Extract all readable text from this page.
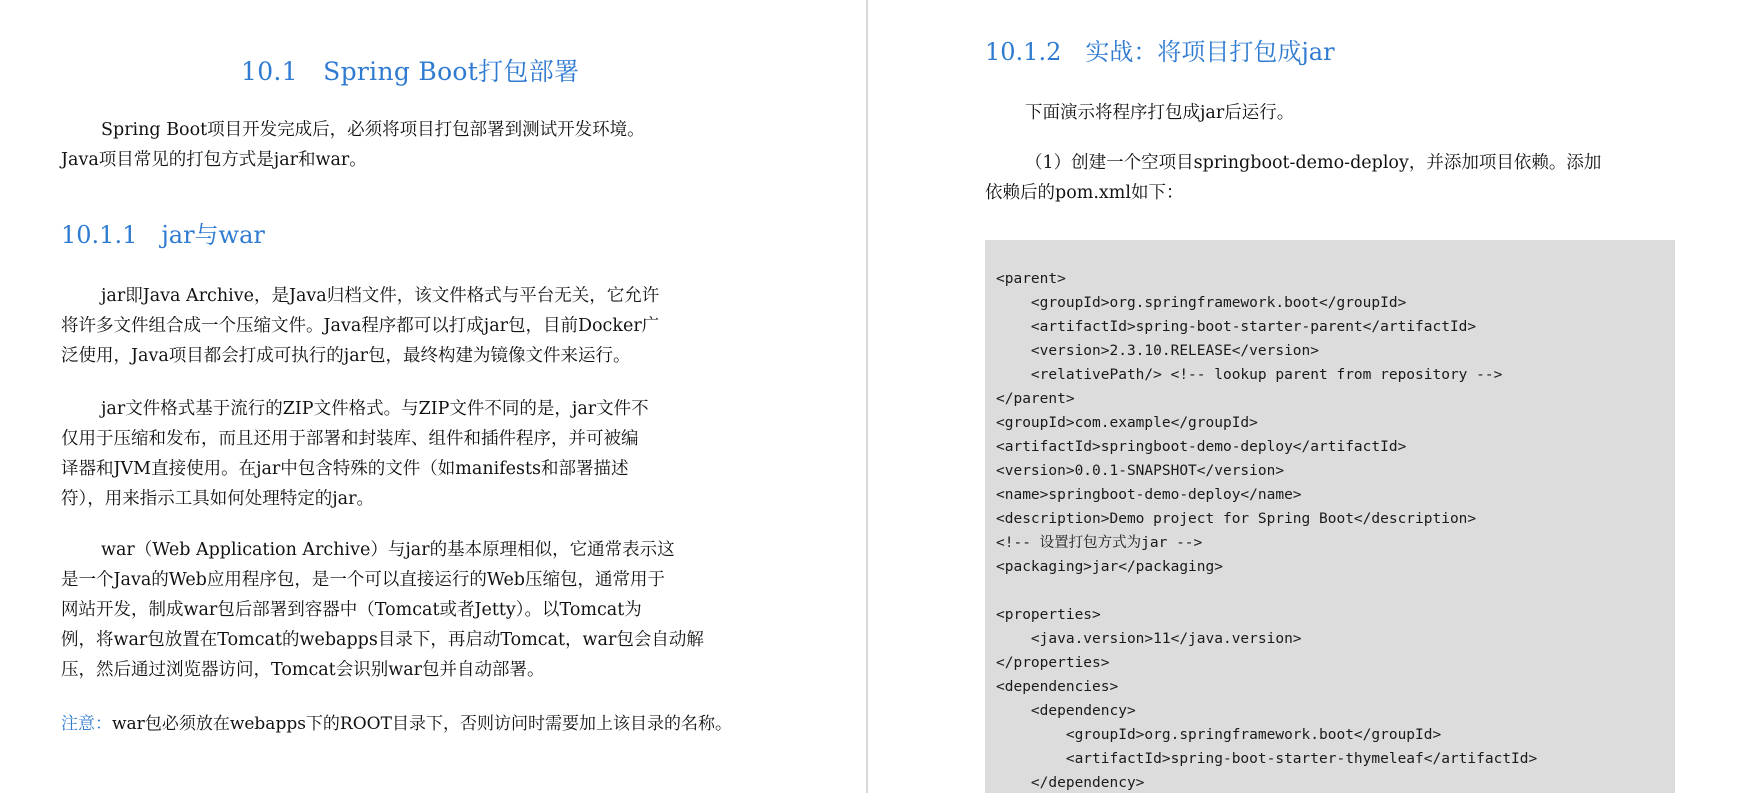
10.1　Spring Boot打包部署

Spring Boot项目开发完成后，必须将项目打包部署到测试开发环境。
Java项目常见的打包方式是jar和war。

10.1.1　jar与war

jar即Java Archive，是Java归档文件，该文件格式与平台无关，它允许
将许多文件组合成一个压缩文件。Java程序都可以打成jar包，目前Docker广
泛使用，Java项目都会打成可执行的jar包，最终构建为镜像文件来运行。

jar文件格式基于流行的ZIP文件格式。与ZIP文件不同的是，jar文件不
仅用于压缩和发布，而且还用于部署和封装库、组件和插件程序，并可被编
译器和JVM直接使用。在jar中包含特殊的文件（如manifests和部署描述
符），用来指示工具如何处理特定的jar。

war（Web Application Archive）与jar的基本原理相似，它通常表示这
是一个Java的Web应用程序包，是一个可以直接运行的Web压缩包，通常用于
网站开发，制成war包后部署到容器中（Tomcat或者Jetty）。以Tomcat为
例，将war包放置在Tomcat的webapps目录下，再启动Tomcat，war包会自动解
压，然后通过浏览器访问，Tomcat会识别war包并自动部署。

注意：war包必须放在webapps下的ROOT目录下，否则访问时需要加上该目录的名称。

10.1.2　实战：将项目打包成jar

下面演示将程序打包成jar后运行。

（1）创建一个空项目springboot-demo-deploy，并添加项目依赖。添加
依赖后的pom.xml如下：

<parent>
<groupId>org.springframework.boot</groupId>
<artifactId>spring-boot-starter-parent</artifactId>
<version>2.3.10.RELEASE</version>
<relativePath/> <!-- lookup parent from repository -->
</parent>
<groupId>com.example</groupId>
<artifactId>springboot-demo-deploy</artifactId>
<version>0.0.1-SNAPSHOT</version>
<name>springboot-demo-deploy</name>
<description>Demo project for Spring Boot</description>
<!-- 设置打包方式为jar -->
<packaging>jar</packaging>
<properties>
<java.version>11</java.version>
</properties>
<dependencies>
<dependency>
<groupId>org.springframework.boot</groupId>
<artifactId>spring-boot-starter-thymeleaf</artifactId>
</dependency>
